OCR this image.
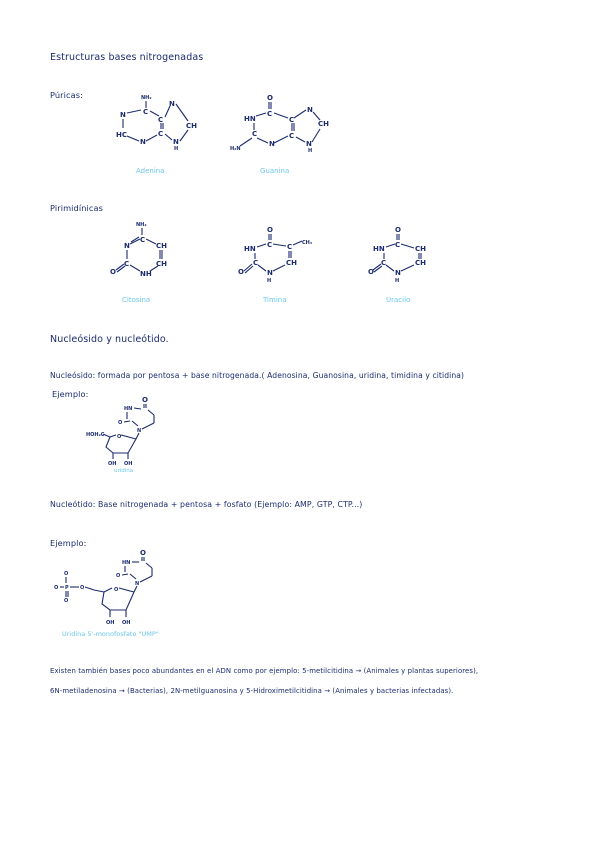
Estructuras bases nitrogenadas
Púricas:	NH₂
N C
N
C
C
HC
N
CH
N
H
O
C
HN	C
N
CH
C
C
N	N
H
H₂N
Adenina	Guanina
Pirimidínicas
NH₂
C
N	CH
C	CH
NH
O
O
C
HN	C CH₃
C	CH
N
H
O
O
C
HN	CH
C	CH
N
H
O
Citosina	Timina	Uracilo
Nucleósido y nucleótido.
Nucleósido: formada por pentosa + base nitrogenada.( Adenosina, Guanosina, uridina, timidina y citidina)
Ejemplo:
O
HN
O
N
HOH₂C	O
OH OH
uridina
Nucleótido: Base nitrogenada + pentosa + fosfato (Ejemplo: AMP, GTP, CTP...)
Ejemplo:
O
HN
O
N
O
O P O
O
O
OH OH
Uridina 5'-monofosfato "UMP"
Existen también bases poco abundantes en el ADN como por ejemplo: 5-metilcitidina → (Animales y plantas superiores),
6N-metiladenosina → (Bacterias), 2N-metilguanosina y 5-Hidroximetilcitidina → (Animales y bacterias infectadas).
